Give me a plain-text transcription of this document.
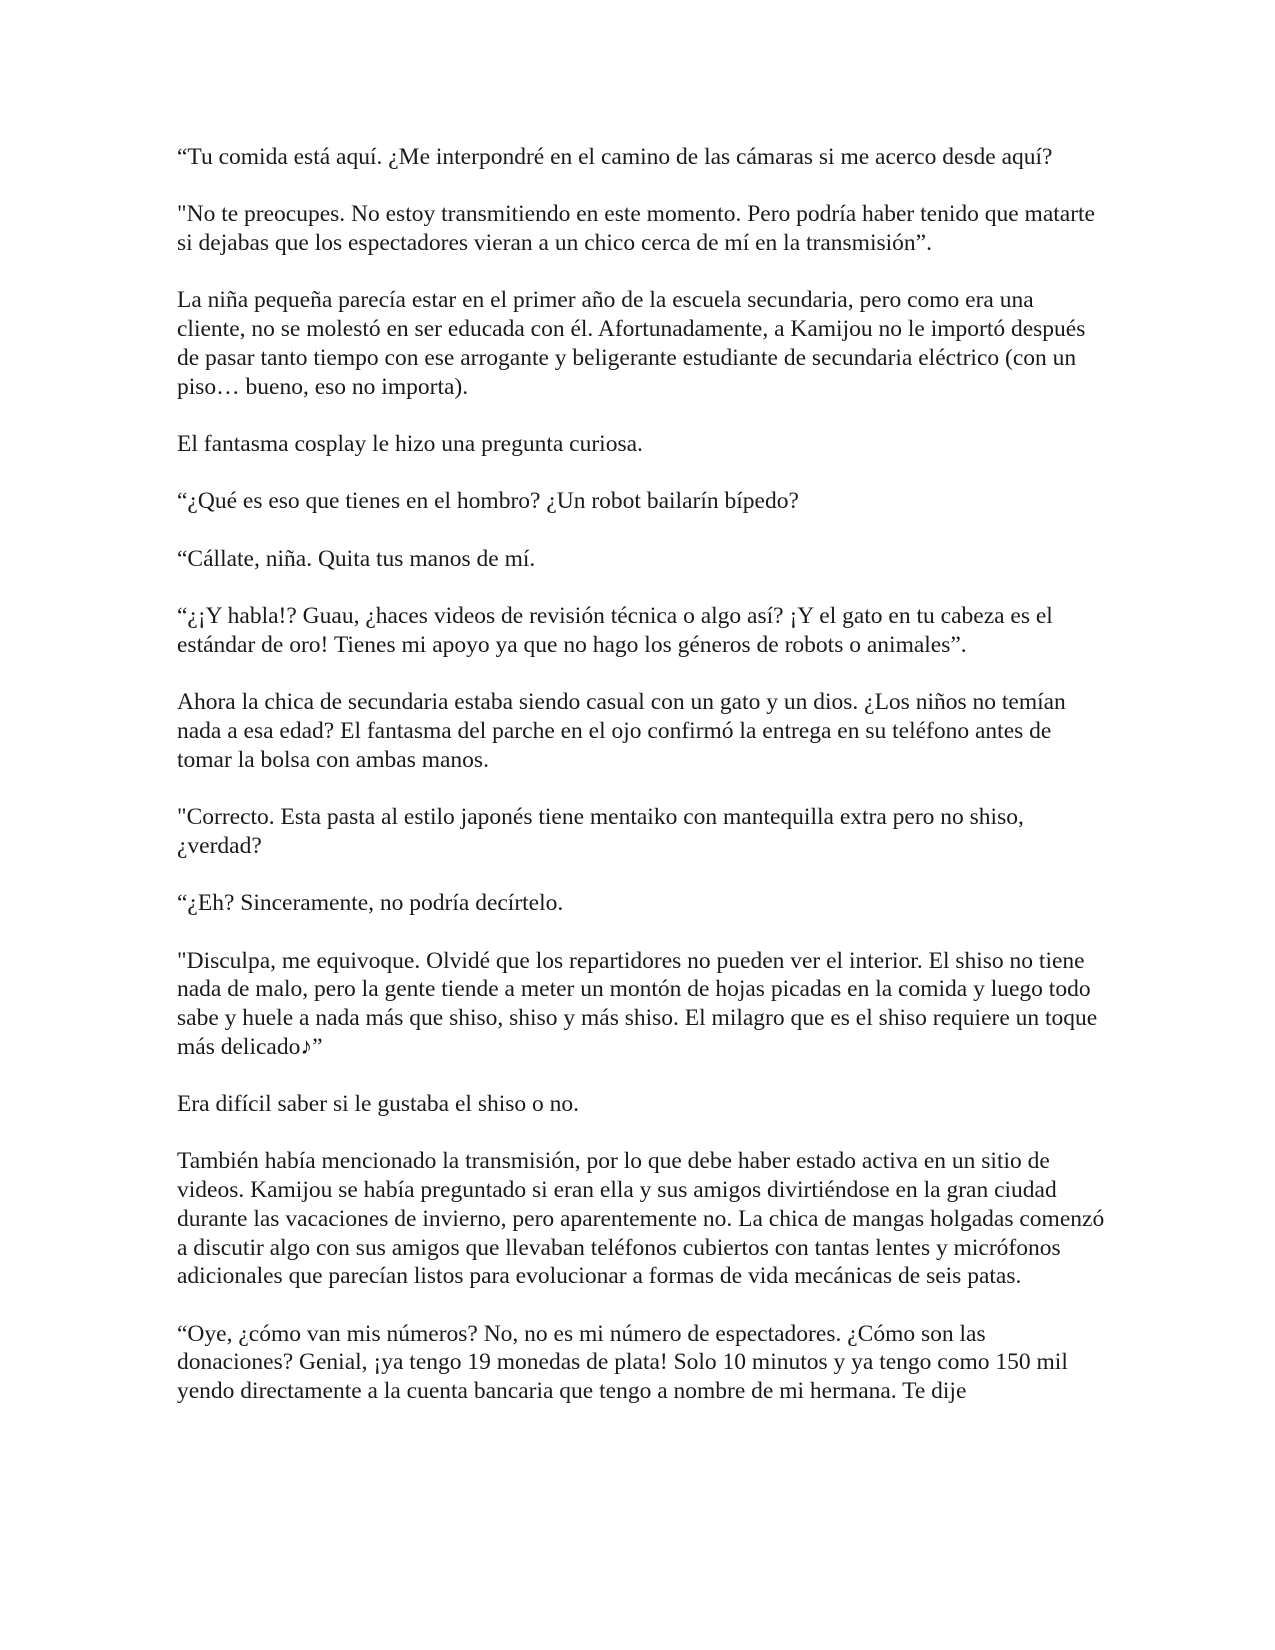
“Tu comida está aquí. ¿Me interpondré en el camino de las cámaras si me acerco desde aquí?

"No te preocupes. No estoy transmitiendo en este momento. Pero podría haber tenido que matarte si dejabas que los espectadores vieran a un chico cerca de mí en la transmisión”.

La niña pequeña parecía estar en el primer año de la escuela secundaria, pero como era una cliente, no se molestó en ser educada con él. Afortunadamente, a Kamijou no le importó después de pasar tanto tiempo con ese arrogante y beligerante estudiante de secundaria eléctrico (con un piso… bueno, eso no importa).

El fantasma cosplay le hizo una pregunta curiosa.

“¿Qué es eso que tienes en el hombro? ¿Un robot bailarín bípedo?

“Cállate, niña. Quita tus manos de mí.

“¿¡Y habla!? Guau, ¿haces videos de revisión técnica o algo así? ¡Y el gato en tu cabeza es el estándar de oro! Tienes mi apoyo ya que no hago los géneros de robots o animales”.

Ahora la chica de secundaria estaba siendo casual con un gato y un dios. ¿Los niños no temían nada a esa edad? El fantasma del parche en el ojo confirmó la entrega en su teléfono antes de tomar la bolsa con ambas manos.

"Correcto. Esta pasta al estilo japonés tiene mentaiko con mantequilla extra pero no shiso, ¿verdad?

“¿Eh? Sinceramente, no podría decírtelo.

"Disculpa, me equivoque. Olvidé que los repartidores no pueden ver el interior. El shiso no tiene nada de malo, pero la gente tiende a meter un montón de hojas picadas en la comida y luego todo sabe y huele a nada más que shiso, shiso y más shiso. El milagro que es el shiso requiere un toque más delicado♪”

Era difícil saber si le gustaba el shiso o no.

También había mencionado la transmisión, por lo que debe haber estado activa en un sitio de videos. Kamijou se había preguntado si eran ella y sus amigos divirtiéndose en la gran ciudad durante las vacaciones de invierno, pero aparentemente no. La chica de mangas holgadas comenzó a discutir algo con sus amigos que llevaban teléfonos cubiertos con tantas lentes y micrófonos adicionales que parecían listos para evolucionar a formas de vida mecánicas de seis patas.

“Oye, ¿cómo van mis números? No, no es mi número de espectadores. ¿Cómo son las donaciones? Genial, ¡ya tengo 19 monedas de plata! Solo 10 minutos y ya tengo como 150 mil yendo directamente a la cuenta bancaria que tengo a nombre de mi hermana. Te dije
